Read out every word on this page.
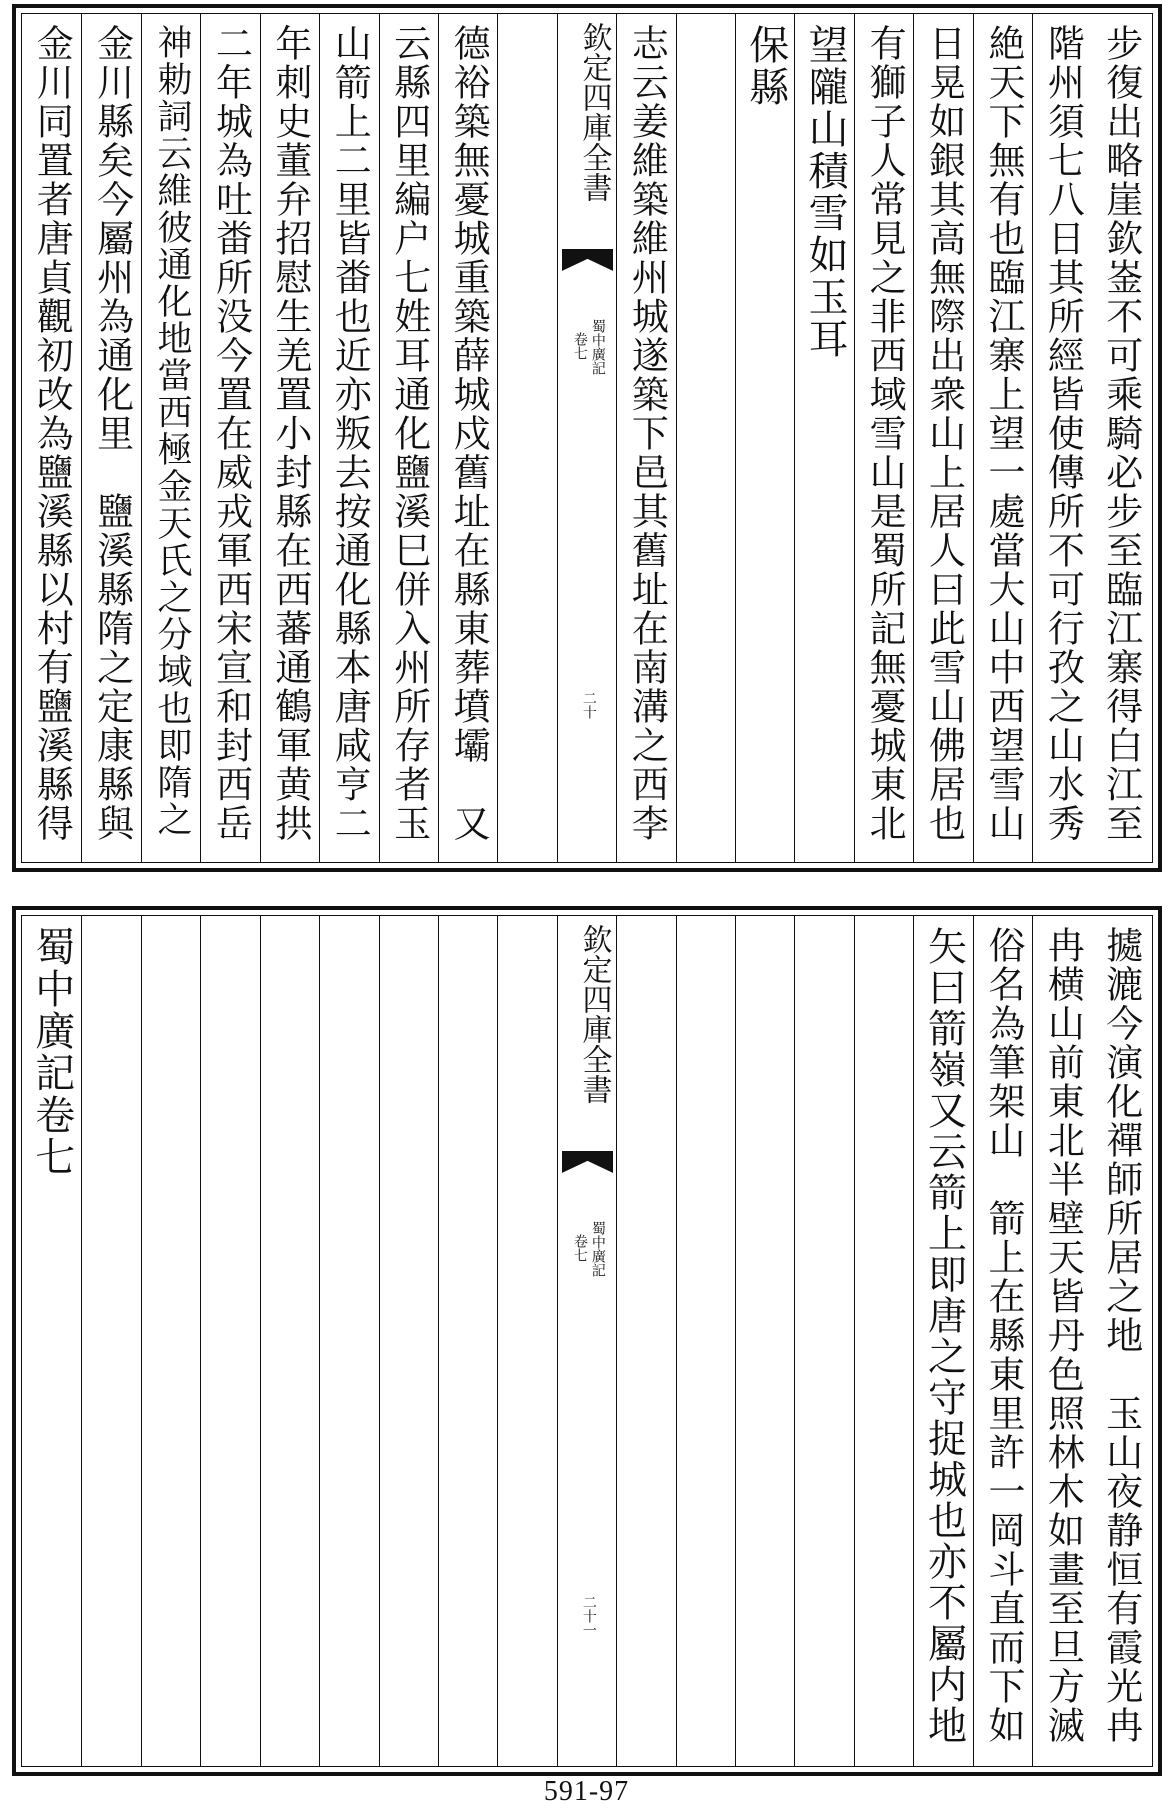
步復出略崖欽崟不可乘騎必步至臨江寨得白江至
階州須七八日其所經皆使傳所不可行孜之山水秀
絶天下無有也臨江寨上望一處當大山中西望雪山
日晃如銀其高無際出衆山上居人曰此雪山佛居也
有獅子人常見之非西域雪山是蜀所記無憂城東北
望隴山積雪如玉耳
保縣
志云姜維築維州城遂築下邑其舊址在南溝之西李
欽定四庫全書
蜀中廣記
卷七
二十
德裕築無憂城重築薛城戍舊址在縣東葬墳壩　又
云縣四里編户七姓耳通化鹽溪巳併入州所存者玉
山箭上二里皆畨也近亦叛去按通化縣本唐咸亨二
年刺史董弁招慰生羌置小封縣在西蕃通鶴軍黄拱
二年城為吐畨所没今置在威戎軍西宋宣和封西岳
神勅詞云維彼通化地當西極金天氏之分域也即隋之
金川縣矣今屬州為通化里　鹽溪縣隋之定康縣與
金川同置者唐貞觀初改為鹽溪縣以村有鹽溪縣得
㨿漉今演化禪師所居之地　玉山夜静恒有霞光冉
冉横山前東北半壁天皆丹色照林木如畫至旦方滅
俗名為筆架山　箭上在縣東里許一岡斗直而下如
矢曰箭嶺又云箭上即唐之守捉城也亦不屬内地
欽定四庫全書
蜀中廣記
卷七
二十一
蜀中廣記卷七
591-97
